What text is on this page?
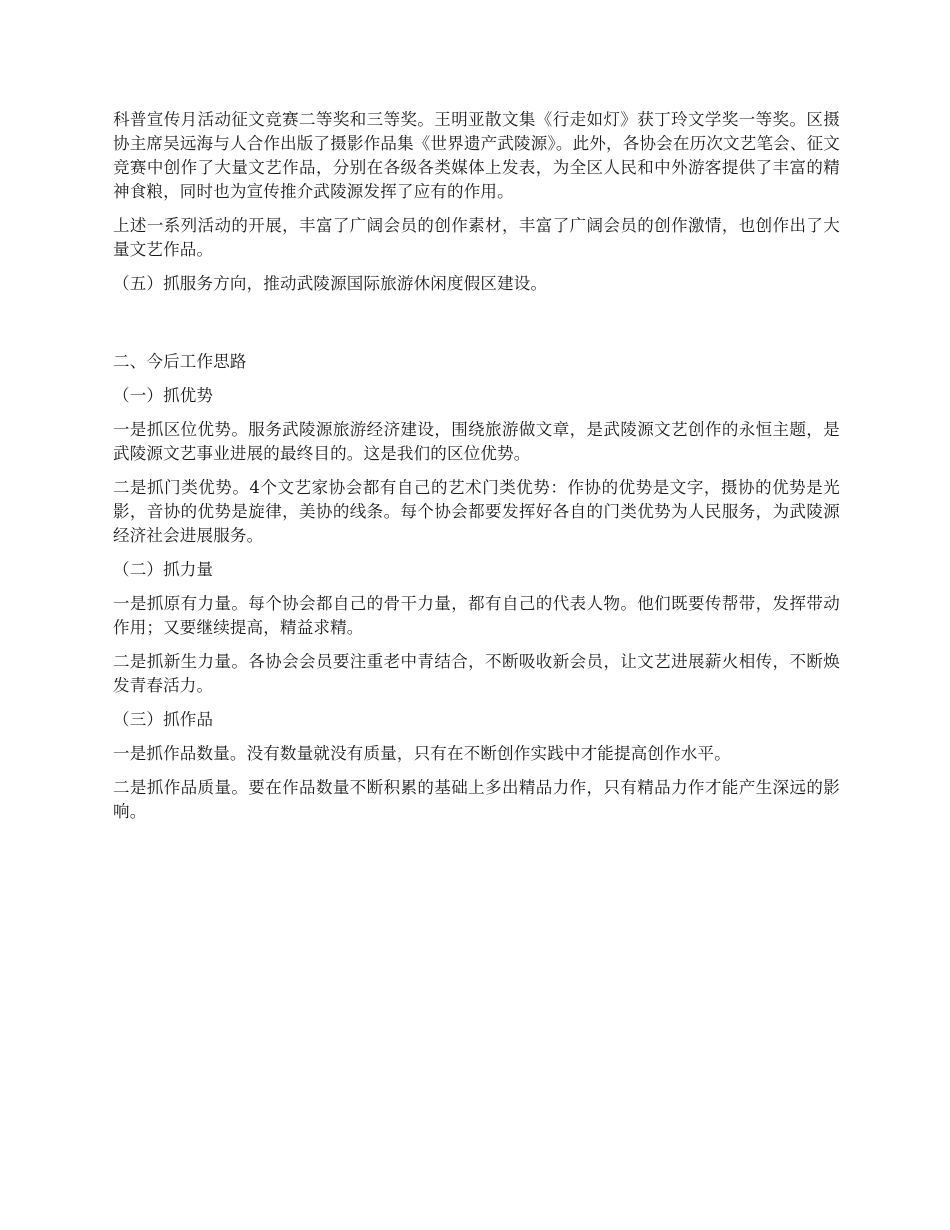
科普宣传月活动征文竞赛二等奖和三等奖。王明亚散文集《行走如灯》获丁玲文学奖一等奖。区摄协主席吴远海与人合作出版了摄影作品集《世界遗产武陵源》。此外，各协会在历次文艺笔会、征文竞赛中创作了大量文艺作品，分别在各级各类媒体上发表，为全区人民和中外游客提供了丰富的精神食粮，同时也为宣传推介武陵源发挥了应有的作用。

上述一系列活动的开展，丰富了广阔会员的创作素材，丰富了广阔会员的创作激情，也创作出了大量文艺作品。

（五）抓服务方向，推动武陵源国际旅游休闲度假区建设。

二、今后工作思路

（一）抓优势

一是抓区位优势。服务武陵源旅游经济建设，围绕旅游做文章，是武陵源文艺创作的永恒主题，是武陵源文艺事业进展的最终目的。这是我们的区位优势。

二是抓门类优势。4个文艺家协会都有自己的艺术门类优势：作协的优势是文字，摄协的优势是光影，音协的优势是旋律，美协的线条。每个协会都要发挥好各自的门类优势为人民服务，为武陵源经济社会进展服务。

（二）抓力量

一是抓原有力量。每个协会都自己的骨干力量，都有自己的代表人物。他们既要传帮带，发挥带动作用；又要继续提高，精益求精。

二是抓新生力量。各协会会员要注重老中青结合，不断吸收新会员，让文艺进展薪火相传，不断焕发青春活力。

（三）抓作品

一是抓作品数量。没有数量就没有质量，只有在不断创作实践中才能提高创作水平。

二是抓作品质量。要在作品数量不断积累的基础上多出精品力作，只有精品力作才能产生深远的影响。
